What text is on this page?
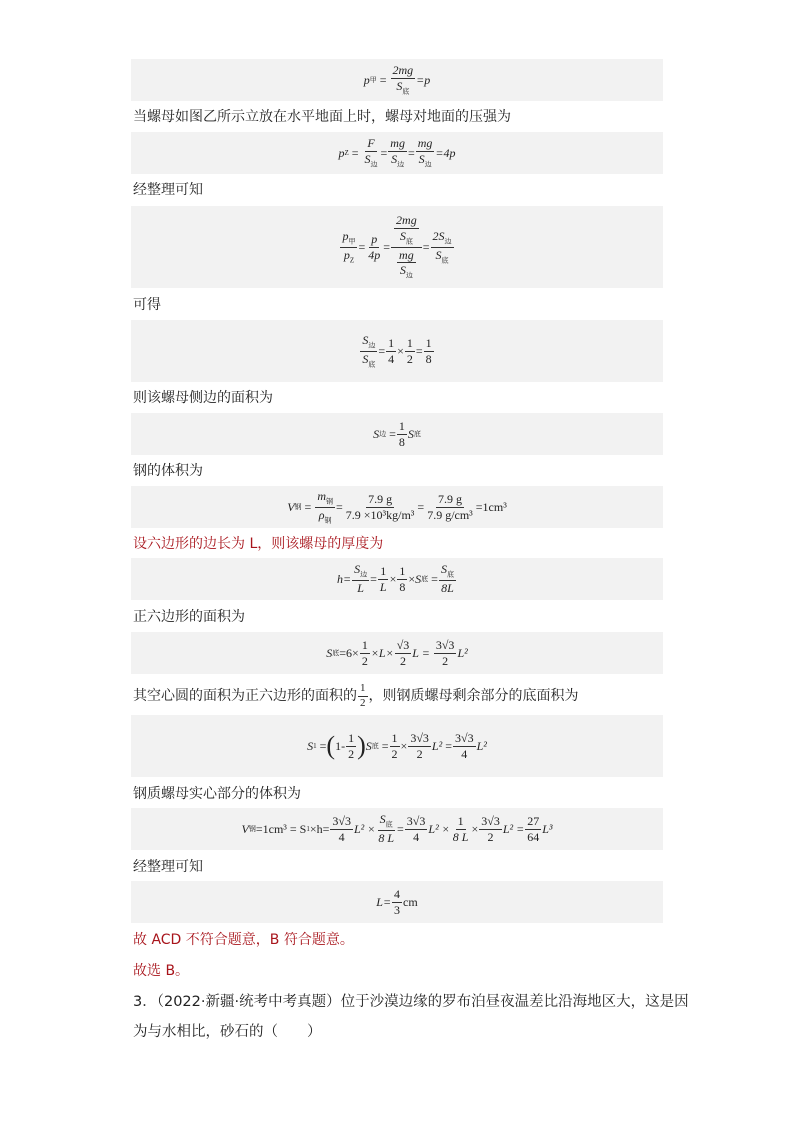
p 甲 = $\frac{2mg}{S_底} =p$
当螺母如图乙所示立放在水平地面上时，螺母对地面的压强为
p $Z = \frac{F}{S_边} = \frac{mg}{S_边} = \frac{mg}{S_边} =4p$
经整理可知
$\frac{p_甲}{p_Z} = \frac{p}{4p} = \frac{\frac{2mg}{S_底}}{\frac{mg}{S_边}} = \frac{2S_边}{S_底}$
可得
$\frac{S_边}{S_底} = \frac{1}{4} \times \frac{1}{2} = \frac{1}{8}$
则该螺母侧边的面积为
S 边 = $\frac{1}{8}$ S 底
钢的体积为
V 钢 = $\frac{m_钢}{\rho_钢} = \frac{7.9 g}{\text{7.9 ×10³kg/m³}} = \frac{7.9 g}{\text{7.9 g/cm³}} =1cm^3$
设六边形的边长为 L，则该螺母的厚度为
$h= \frac{S_边}{L} = \frac{1}{L} \times \frac{1}{8} \times S$ 底 = $\frac{S_底}{8L}$
正六边形的面积为
S 底 $=6\times \frac{1}{2} \times L\times \frac{√3}{2}$ L =
$\frac{3√3}{2} L^2$
其空心圆的面积为正六边形的面积的 $\frac{1}{2}$ ，则钢质螺母剩余部分的底面积为
S 1 = ( $1- \frac{1}{2}$ ) S 底 = $\frac{1}{2} \times \frac{3√3}{2} L^2 = \frac{3√3}{4} L^2$
钢质螺母实心部分的体积为
V 钢 =1cm³ = S $1 \times h= \frac{3√3}{4} L^2 \times \frac{S_底}{8 L} = \frac{3√3}{4} L^2 \times \frac{1}{8 L} \times \frac{3√3}{2} L^2 = \frac{27}{64} L^3$
经整理可知
$L= \frac{4}{3}$ cm
故 ACD 不符合题意，B 符合题意。
故选 B。
3．（2022·新疆·统考中考真题）位于沙漠边缘的罗布泊昼夜温差比沿海地区大，这是因
为与水相比，砂石的（　　）
